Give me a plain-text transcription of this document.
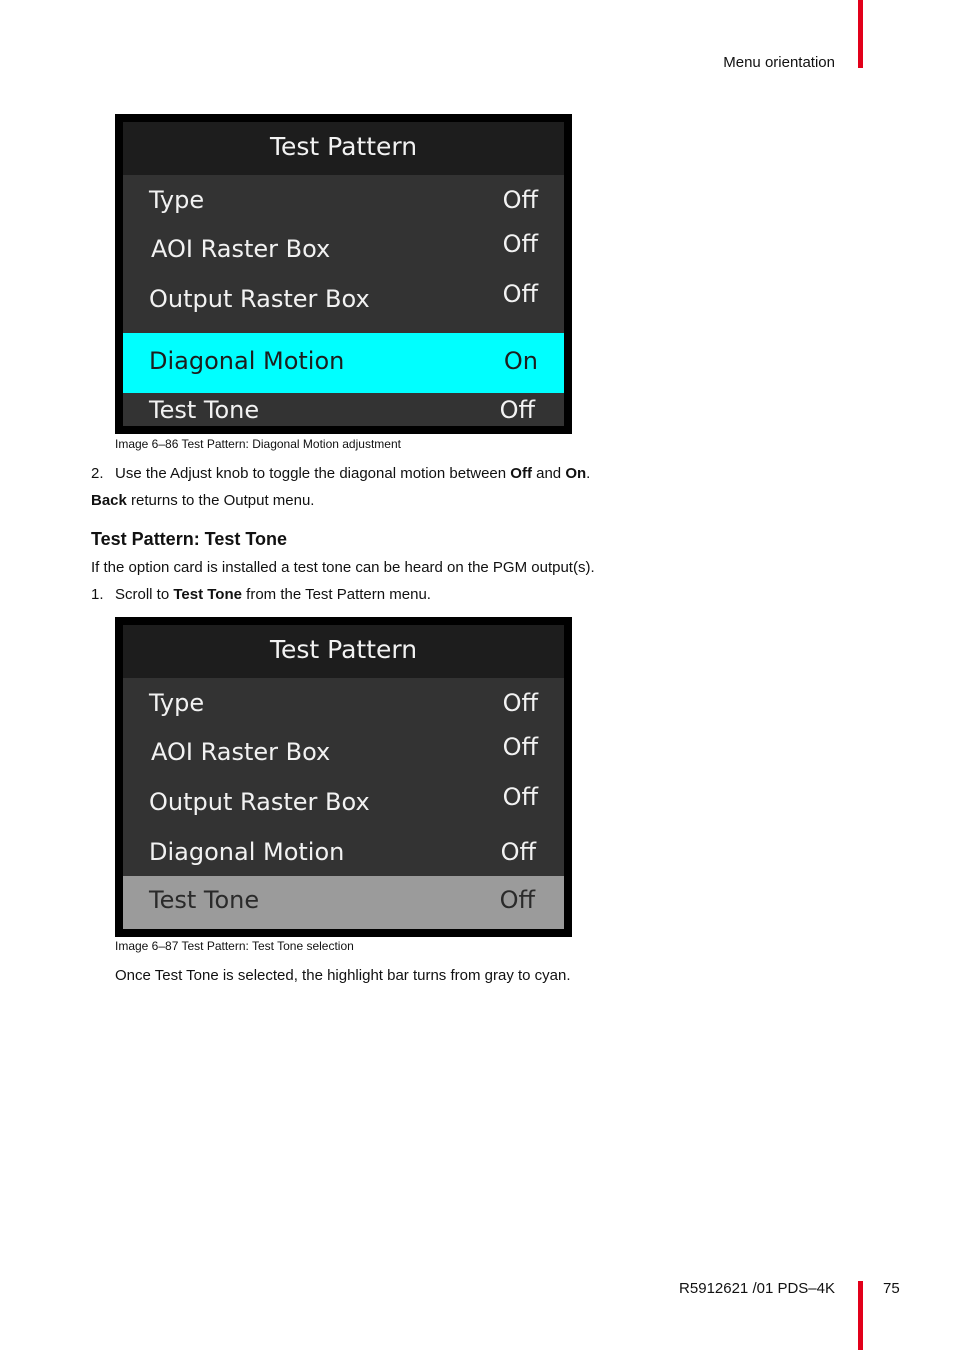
Menu orientation
Test Pattern
Type	Off
AOI Raster Box	Off
Output Raster Box	Off
Diagonal Motion	On
Test Tone	Off
Image 6–86 Test Pattern: Diagonal Motion adjustment
2. Use the Adjust knob to toggle the diagonal motion between Off and On.
Back returns to the Output menu.
Test Pattern: Test Tone
If the option card is installed a test tone can be heard on the PGM output(s).
1. Scroll to Test Tone from the Test Pattern menu.
Test Pattern
Type	Off
AOI Raster Box	Off
Output Raster Box	Off
Diagonal Motion	Off
Test Tone	Off
Image 6–87 Test Pattern: Test Tone selection
Once Test Tone is selected, the highlight bar turns from gray to cyan.
R5912621 /01 PDS–4K	75
